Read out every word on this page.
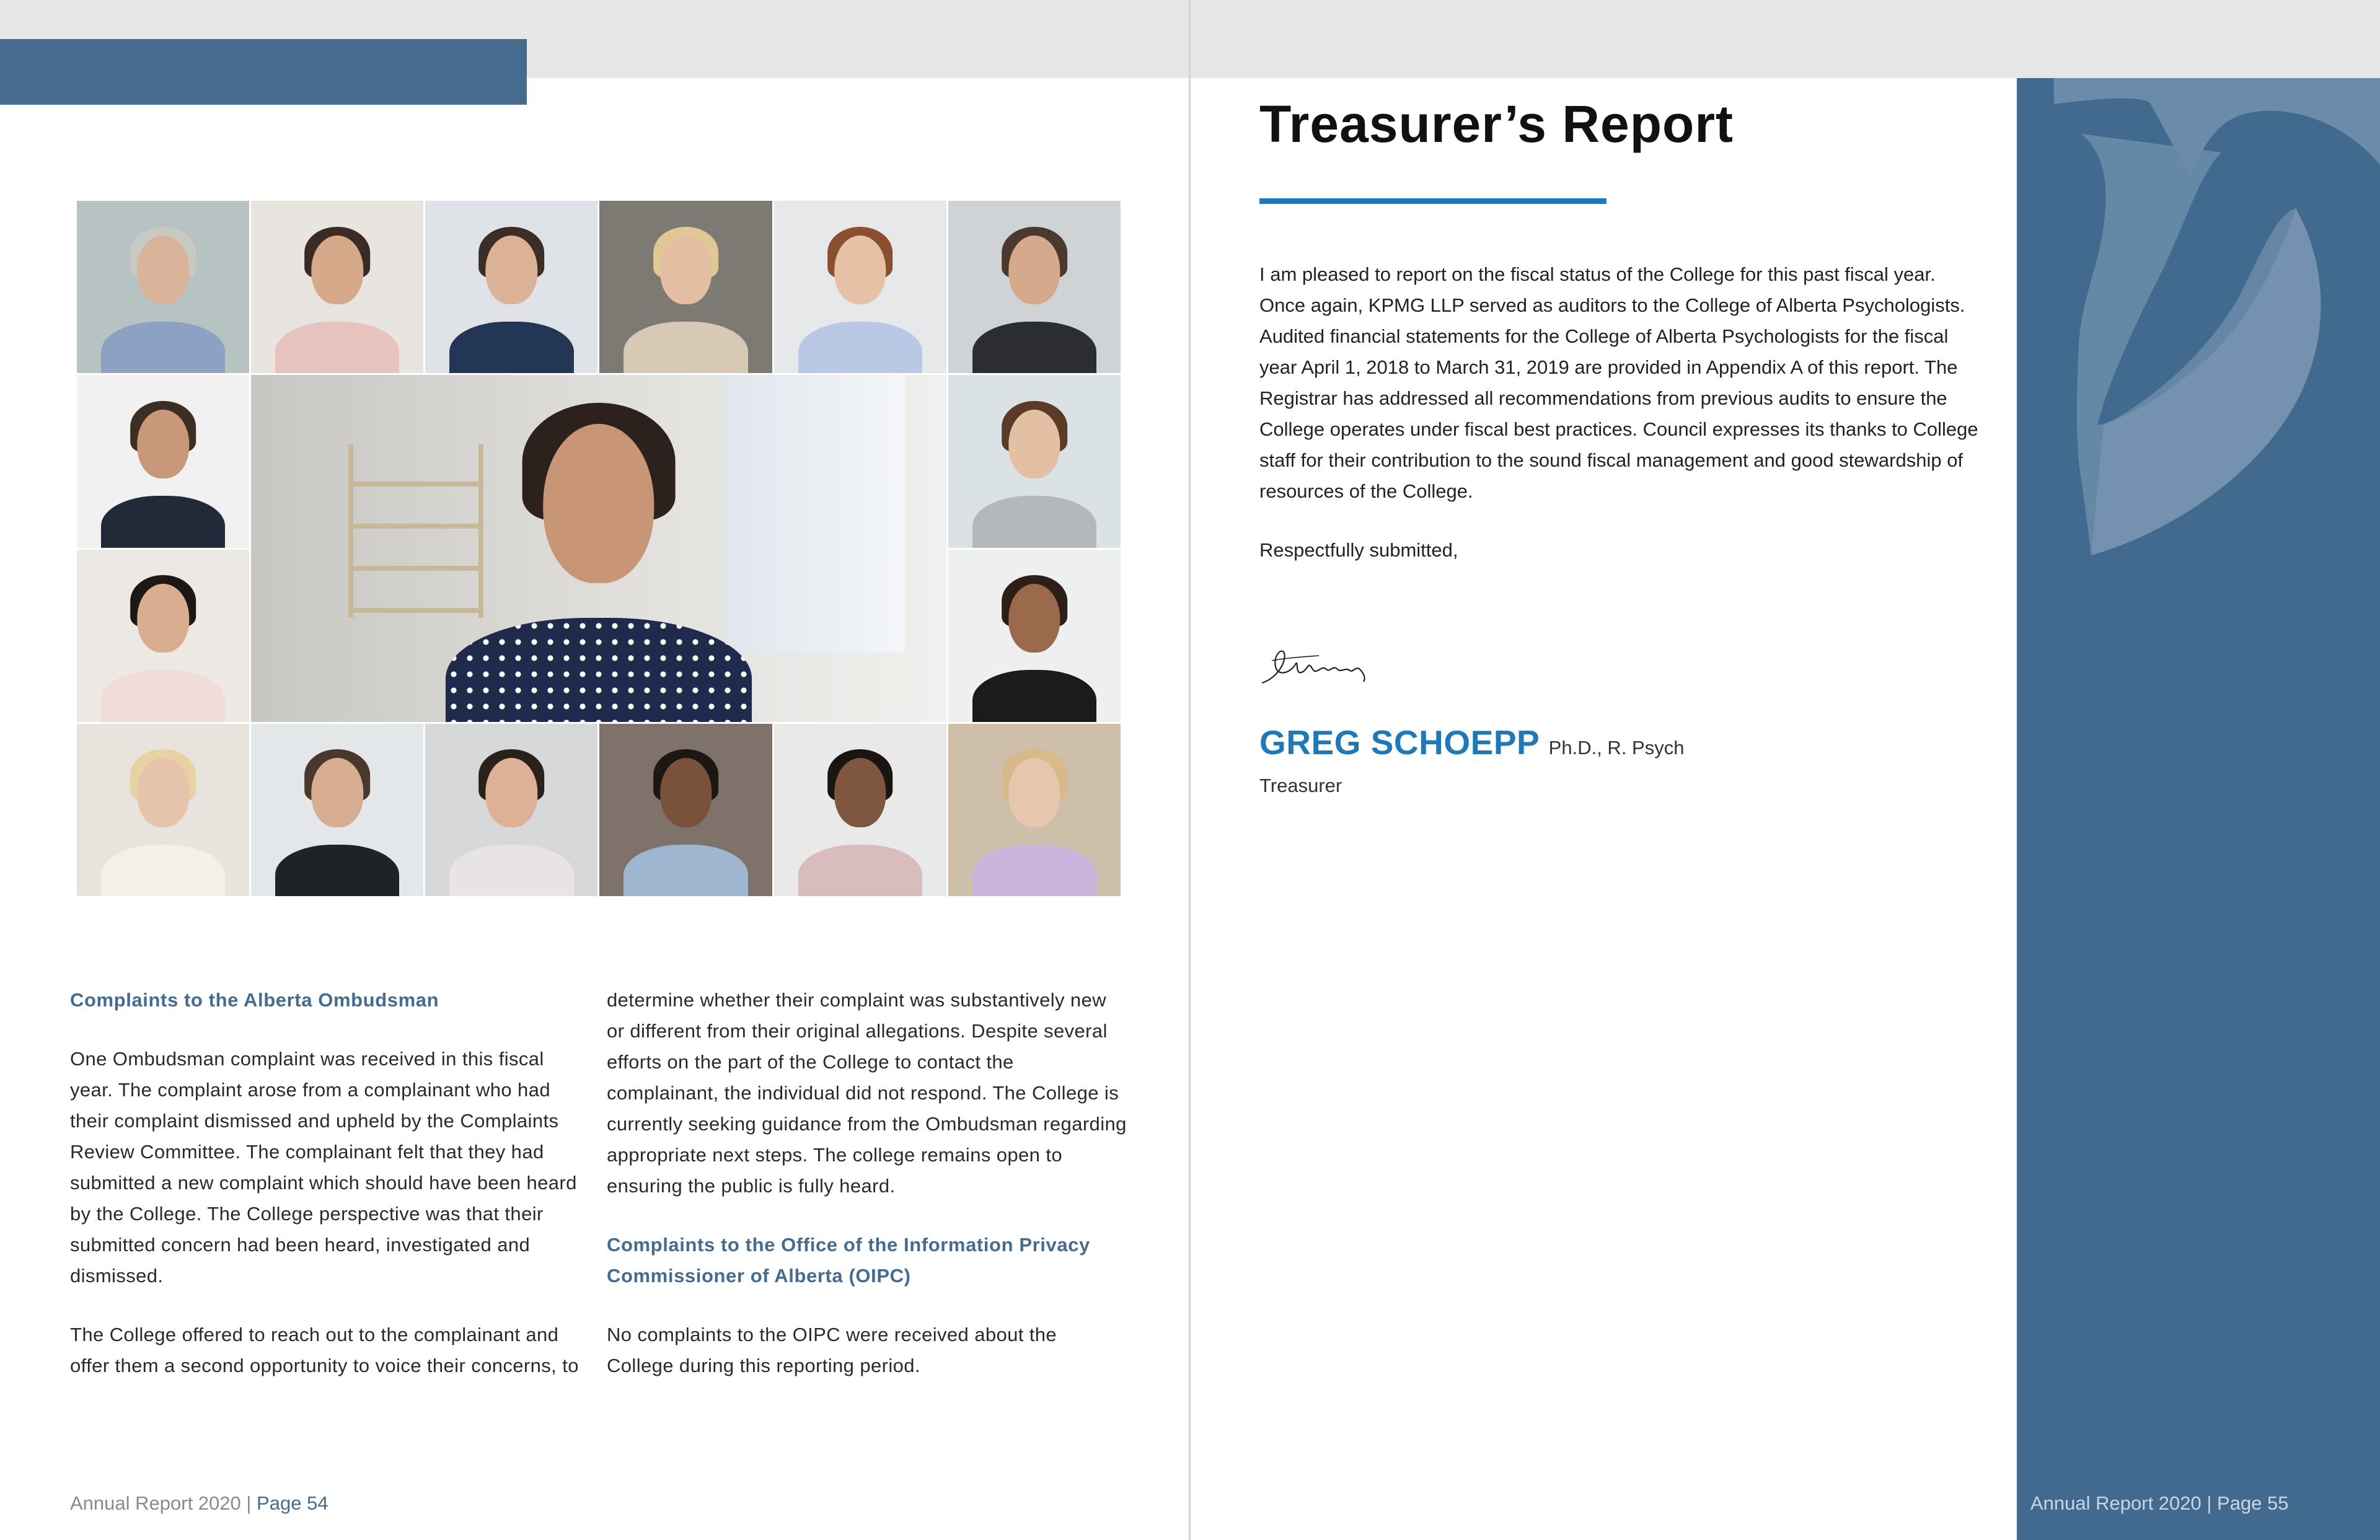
Complaints to the Alberta Ombudsman

One Ombudsman complaint was received in this fiscal year. The complaint arose from a complainant who had their complaint dismissed and upheld by the Complaints Review Committee. The complainant felt that they had submitted a new complaint which should have been heard by the College. The College perspective was that their submitted concern had been heard, investigated and dismissed.

The College offered to reach out to the complainant and offer them a second opportunity to voice their concerns, to

determine whether their complaint was substantively new or different from their original allegations. Despite several efforts on the part of the College to contact the complainant, the individual did not respond. The College is currently seeking guidance from the Ombudsman regarding appropriate next steps. The college remains open to ensuring the public is fully heard.

Complaints to the Office of the Information Privacy Commissioner of Alberta (OIPC)

No complaints to the OIPC were received about the College during this reporting period.

Annual Report 2020 | Page 54
Treasurer’s Report

I am pleased to report on the fiscal status of the College for this past fiscal year. Once again, KPMG LLP served as auditors to the College of Alberta Psychologists. Audited financial statements for the College of Alberta Psychologists for the fiscal year April 1, 2018 to March 31, 2019 are provided in Appendix A of this report. The Registrar has addressed all recommendations from previous audits to ensure the College operates under fiscal best practices. Council expresses its thanks to College staff for their contribution to the sound fiscal management and good stewardship of resources of the College.

Respectfully submitted,

GREG SCHOEPP Ph.D., R. Psych
Treasurer
Annual Report 2020 | Page 55
